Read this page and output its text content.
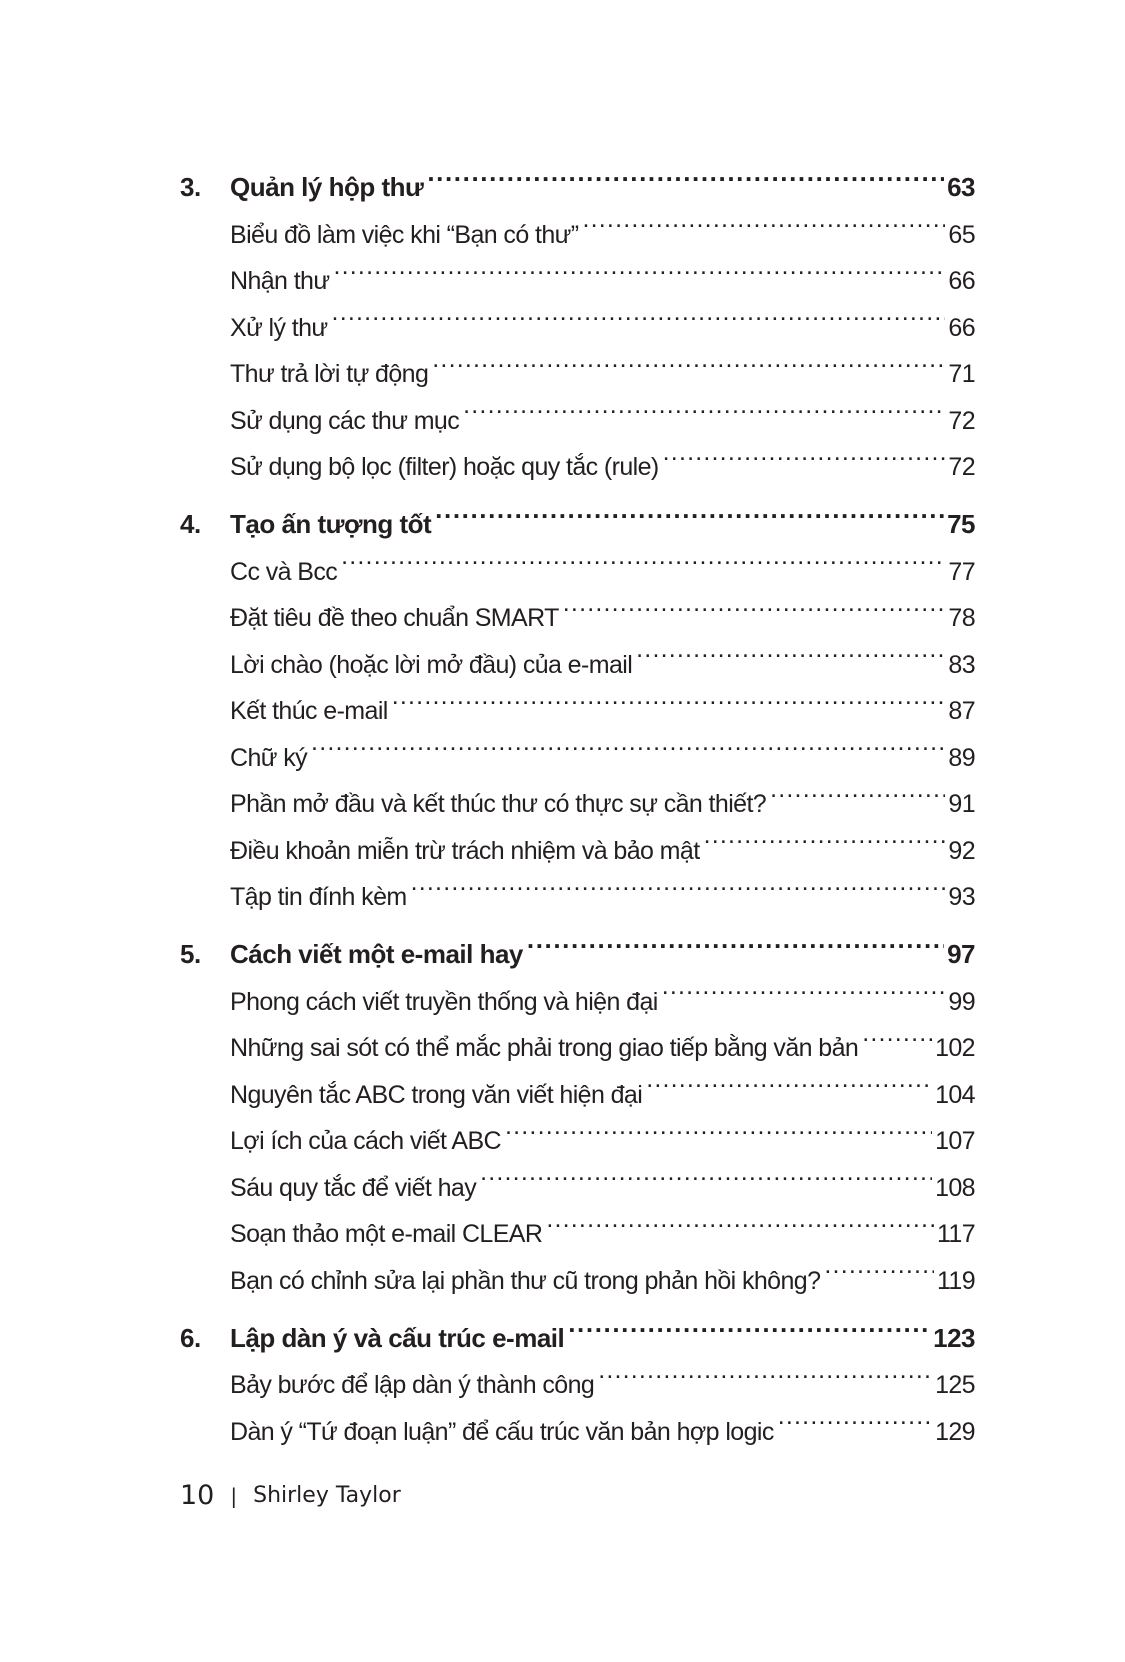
3.	Quản lý hộp thư .....	63
Biểu đồ làm việc khi “Bạn có thư” .....	65
Nhận thư .....	66
Xử lý thư .....	66
Thư trả lời tự động .....	71
Sử dụng các thư mục .....	72
Sử dụng bộ lọc (filter) hoặc quy tắc (rule) .....	72
4.	Tạo ấn tượng tốt .....	75
Cc và Bcc .....	77
Đặt tiêu đề theo chuẩn SMART .....	78
Lời chào (hoặc lời mở đầu) của e-mail .....	83
Kết thúc e-mail .....	87
Chữ ký .....	89
Phần mở đầu và kết thúc thư có thực sự cần thiết? .....	91
Điều khoản miễn trừ trách nhiệm và bảo mật .....	92
Tập tin đính kèm .....	93
5.	Cách viết một e-mail hay .....	97
Phong cách viết truyền thống và hiện đại .....	99
Những sai sót có thể mắc phải trong giao tiếp bằng văn bản .....	102
Nguyên tắc ABC trong văn viết hiện đại .....	104
Lợi ích của cách viết ABC .....	107
Sáu quy tắc để viết hay .....	108
Soạn thảo một e-mail CLEAR .....	117
Bạn có chỉnh sửa lại phần thư cũ trong phản hồi không? .....	119
6.	Lập dàn ý và cấu trúc e-mail .....	123
Bảy bước để lập dàn ý thành công .....	125
Dàn ý “Tứ đoạn luận” để cấu trúc văn bản hợp logic .....	129
10 | Shirley Taylor
